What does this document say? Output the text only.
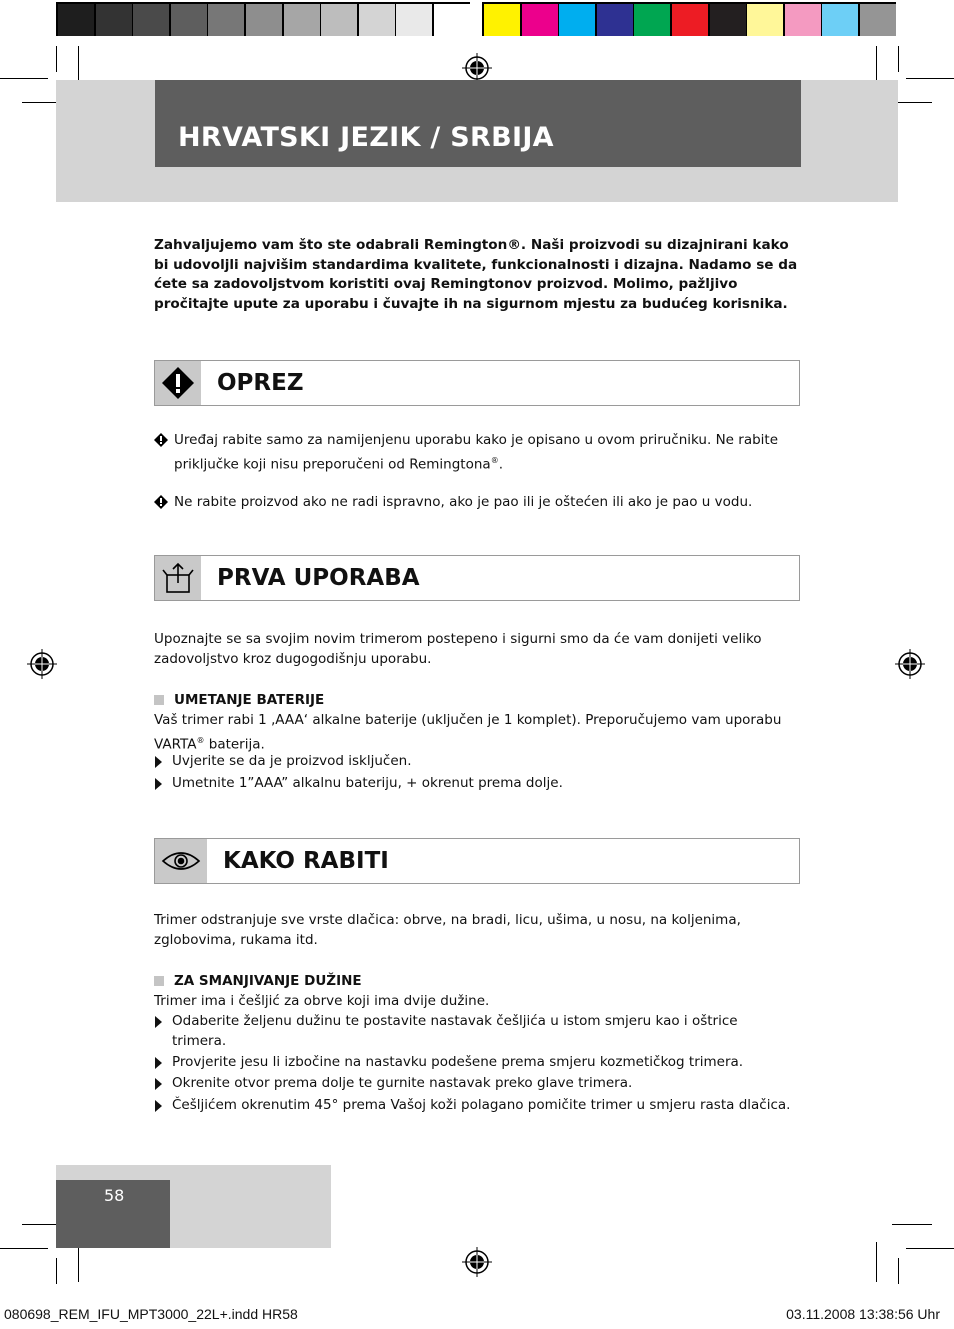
HRVATSKI JEZIK / SRBIJA
Zahvaljujemo vam što ste odabrali Remington®. Naši proizvodi su dizajnirani kako bi udovoljli najvišim standardima kvalitete, funkcionalnosti i dizajna. Nadamo se da ćete sa zadovoljstvom koristiti ovaj Remingtonov proizvod. Molimo, pažljivo pročitajte upute za uporabu i čuvajte ih na sigurnom mjestu za budućeg korisnika.
OPREZ
Uređaj rabite samo za namijenjenu uporabu kako je opisano u ovom priručniku. Ne rabite priključke koji nisu preporučeni od Remingtona®.
Ne rabite proizvod ako ne radi ispravno, ako je pao ili je oštećen ili ako je pao u vodu.
PRVA UPORABA
Upoznajte se sa svojim novim trimerom postepeno i sigurni smo da će vam donijeti veliko zadovoljstvo kroz dugogodišnju uporabu.
UMETANJE BATERIJE
Vaš trimer rabi 1 ‚AAA‘ alkalne baterije (uključen je 1 komplet). Preporučujemo vam uporabu VARTA® baterija.
Uvjerite se da je proizvod isključen.
Umetnite 1”AAA” alkalnu bateriju, + okrenut prema dolje.
KAKO RABITI
Trimer odstranjuje sve vrste dlačica: obrve, na bradi, licu, ušima, u nosu, na koljenima, zglobovima, rukama itd.
ZA SMANJIVANJE DUŽINE
Trimer ima i češljić za obrve koji ima dvije dužine.
Odaberite željenu dužinu te postavite nastavak češljića u istom smjeru kao i oštrice trimera.
Provjerite jesu li izbočine na nastavku podešene prema smjeru kozmetičkog trimera.
Okrenite otvor prema dolje te gurnite nastavak preko glave trimera.
Češljićem okrenutim 45° prema Vašoj koži polagano pomičite trimer u smjeru rasta dlačica.
58
080698_REM_IFU_MPT3000_22L+.indd HR58	03.11.2008 13:38:56 Uhr
